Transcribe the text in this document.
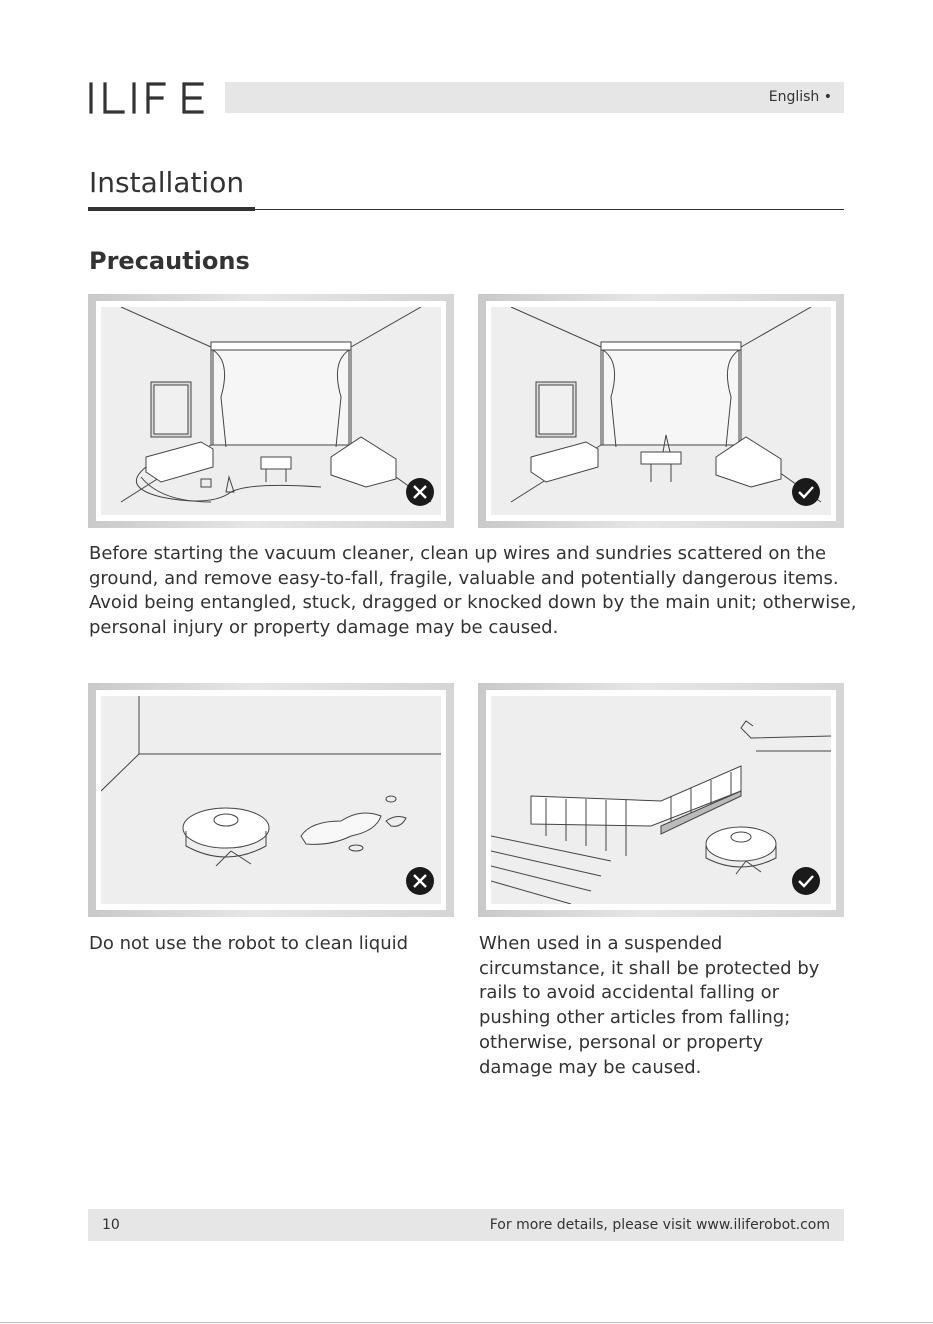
English •
Installation
Precautions

Before starting the vacuum cleaner, clean up wires and sundries scattered on the ground, and remove easy-to-fall, fragile, valuable and potentially dangerous items. Avoid being entangled, stuck, dragged or knocked down by the main unit; otherwise, personal injury or property damage may be caused.

Do not use the robot to clean liquid	When used in a suspended circumstance, it shall be protected by rails to avoid accidental falling or pushing other articles from falling; otherwise, personal or property damage may be caused.

10	For more details, please visit www.iliferobot.com
